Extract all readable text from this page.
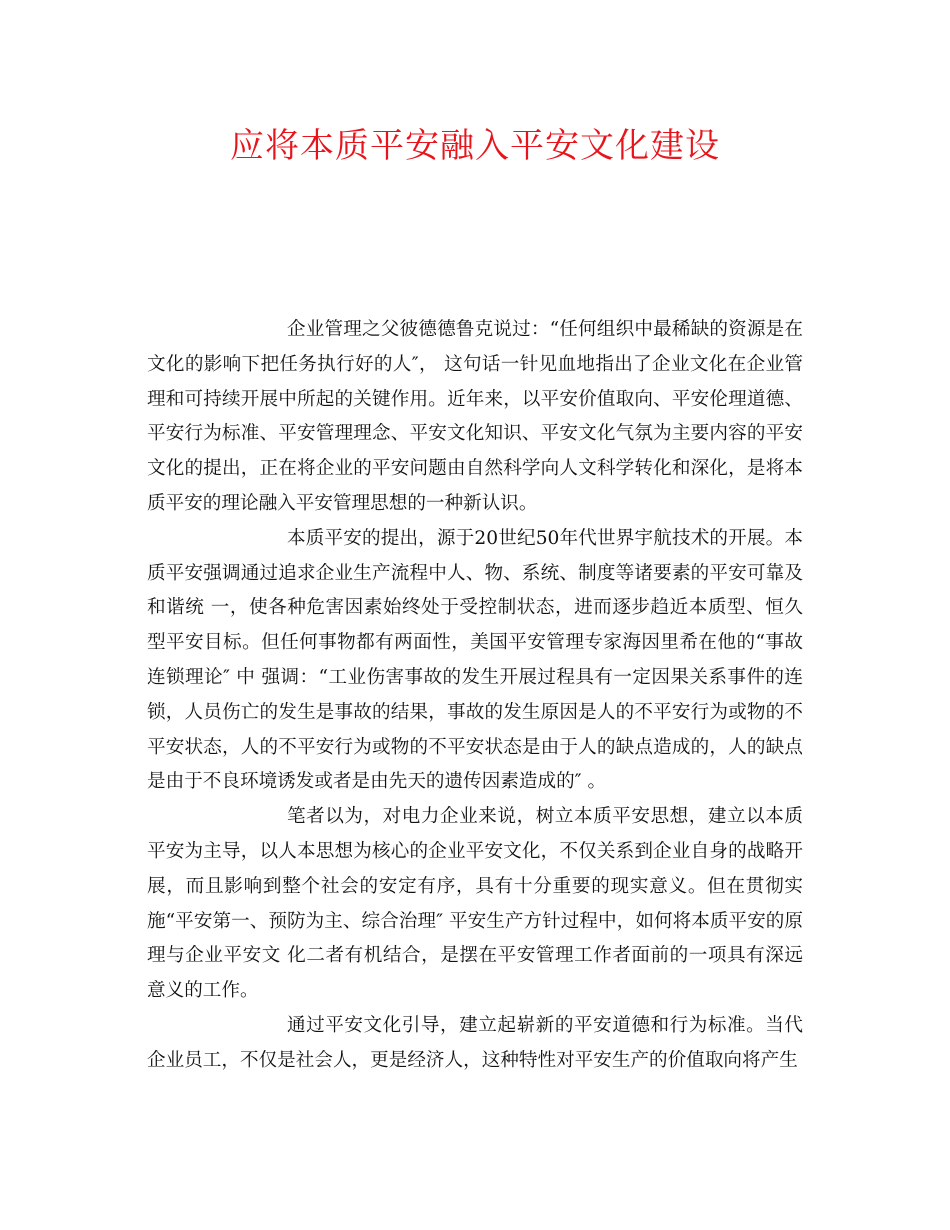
应将本质平安融入平安文化建设

企业管理之父彼德德鲁克说过：“任何组织中最稀缺的资源是在文化的影响下把任务执行好的人″， 这句话一针见血地指出了企业文化在企业管理和可持续开展中所起的关键作用。近年来，以平安价值取向、平安伦理道德、平安行为标准、平安管理理念、平安文化知识、平安文化气氛为主要内容的平安文化的提出，正在将企业的平安问题由自然科学向人文科学转化和深化，是将本质平安的理论融入平安管理思想的一种新认识。

本质平安的提出，源于20世纪50年代世界宇航技术的开展。本质平安强调通过追求企业生产流程中人、物、系统、制度等诸要素的平安可靠及和谐统 一，使各种危害因素始终处于受控制状态，进而逐步趋近本质型、恒久型平安目标。但任何事物都有两面性，美国平安管理专家海因里希在他的“事故连锁理论″ 中 强调：“工业伤害事故的发生开展过程具有一定因果关系事件的连锁，人员伤亡的发生是事故的结果，事故的发生原因是人的不平安行为或物的不平安状态，人的不平安行为或物的不平安状态是由于人的缺点造成的，人的缺点是由于不良环境诱发或者是由先天的遗传因素造成的″ 。

笔者以为，对电力企业来说，树立本质平安思想，建立以本质平安为主导，以人本思想为核心的企业平安文化，不仅关系到企业自身的战略开展，而且影响到整个社会的安定有序，具有十分重要的现实意义。但在贯彻实施“平安第一、预防为主、综合治理″ 平安生产方针过程中，如何将本质平安的原理与企业平安文 化二者有机结合，是摆在平安管理工作者面前的一项具有深远意义的工作。

通过平安文化引导，建立起崭新的平安道德和行为标准。当代企业员工，不仅是社会人，更是经济人，这种特性对平安生产的价值取向将产生
